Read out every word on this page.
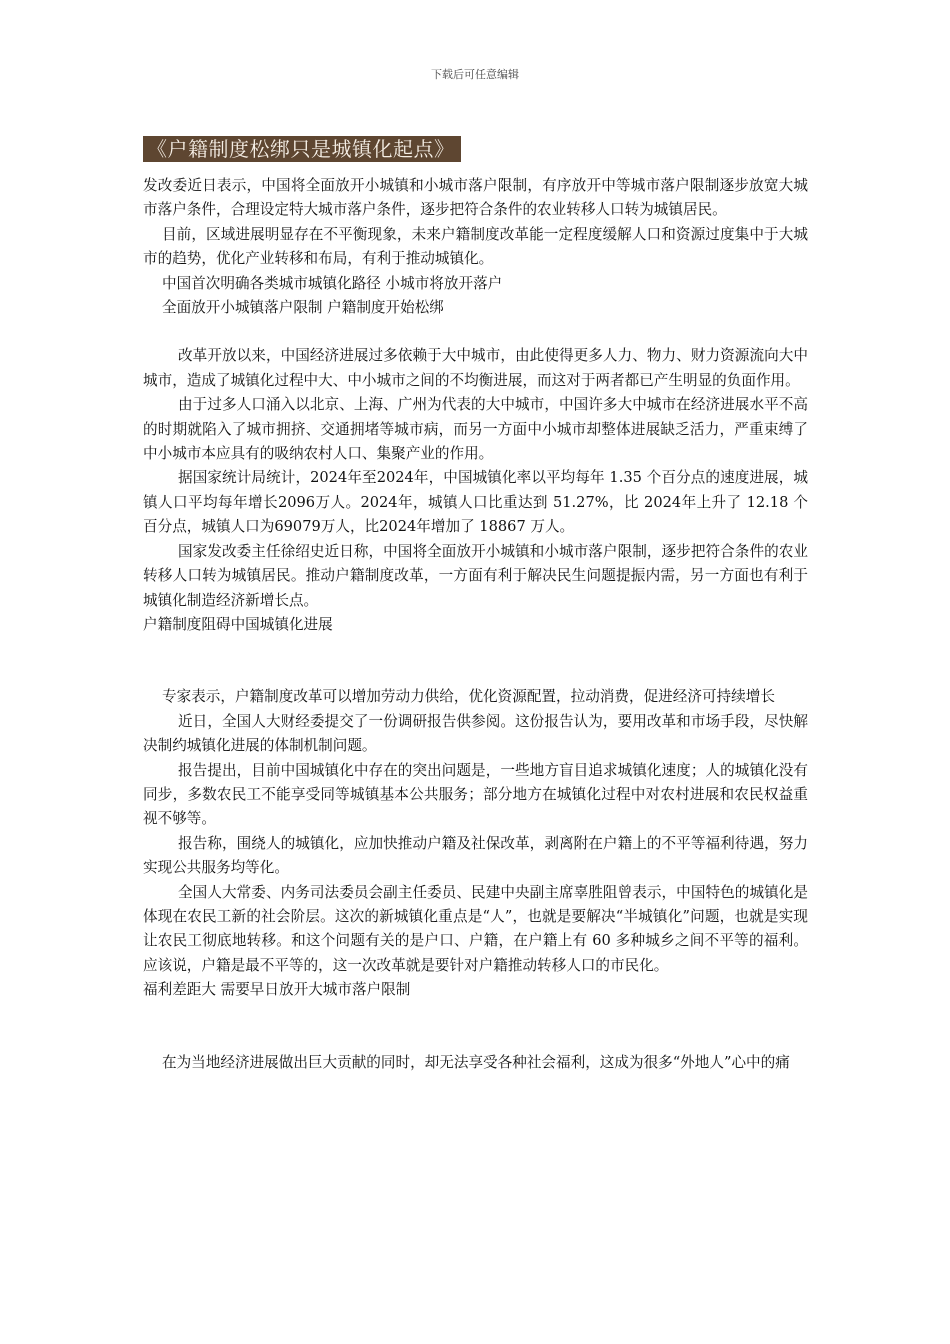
下载后可任意编辑
《户籍制度松绑只是城镇化起点》

发改委近日表示，中国将全面放开小城镇和小城市落户限制，有序放开中等城市落户限制逐步放宽大城市落户条件，合理设定特大城市落户条件，逐步把符合条件的农业转移人口转为城镇居民。

目前，区域进展明显存在不平衡现象，未来户籍制度改革能一定程度缓解人口和资源过度集中于大城市的趋势，优化产业转移和布局，有利于推动城镇化。

中国首次明确各类城市城镇化路径 小城市将放开落户

全面放开小城镇落户限制 户籍制度开始松绑

改革开放以来，中国经济进展过多依赖于大中城市，由此使得更多人力、物力、财力资源流向大中城市，造成了城镇化过程中大、中小城市之间的不均衡进展，而这对于两者都已产生明显的负面作用。

由于过多人口涌入以北京、上海、广州为代表的大中城市，中国许多大中城市在经济进展水平不高的时期就陷入了城市拥挤、交通拥堵等城市病，而另一方面中小城市却整体进展缺乏活力，严重束缚了中小城市本应具有的吸纳农村人口、集聚产业的作用。

据国家统计局统计，2024年至2024年，中国城镇化率以平均每年 1.35 个百分点的速度进展，城镇人口平均每年增长2096万人。2024年，城镇人口比重达到 51.27%，比 2024年上升了 12.18 个百分点，城镇人口为69079万人，比2024年增加了 18867 万人。

国家发改委主任徐绍史近日称，中国将全面放开小城镇和小城市落户限制，逐步把符合条件的农业转移人口转为城镇居民。推动户籍制度改革，一方面有利于解决民生问题提振内需，另一方面也有利于城镇化制造经济新增长点。

户籍制度阻碍中国城镇化进展

专家表示，户籍制度改革可以增加劳动力供给，优化资源配置，拉动消费，促进经济可持续增长

近日，全国人大财经委提交了一份调研报告供参阅。这份报告认为，要用改革和市场手段，尽快解决制约城镇化进展的体制机制问题。

报告提出，目前中国城镇化中存在的突出问题是，一些地方盲目追求城镇化速度；人的城镇化没有同步，多数农民工不能享受同等城镇基本公共服务；部分地方在城镇化过程中对农村进展和农民权益重视不够等。

报告称，围绕人的城镇化，应加快推动户籍及社保改革，剥离附在户籍上的不平等福利待遇，努力实现公共服务均等化。

全国人大常委、内务司法委员会副主任委员、民建中央副主席辜胜阻曾表示，中国特色的城镇化是体现在农民工新的社会阶层。这次的新城镇化重点是“人”，也就是要解决“半城镇化”问题，也就是实现让农民工彻底地转移。和这个问题有关的是户口、户籍，在户籍上有 60 多种城乡之间不平等的福利。应该说，户籍是最不平等的，这一次改革就是要针对户籍推动转移人口的市民化。

福利差距大 需要早日放开大城市落户限制

在为当地经济进展做出巨大贡献的同时，却无法享受各种社会福利，这成为很多“外地人”心中的痛
